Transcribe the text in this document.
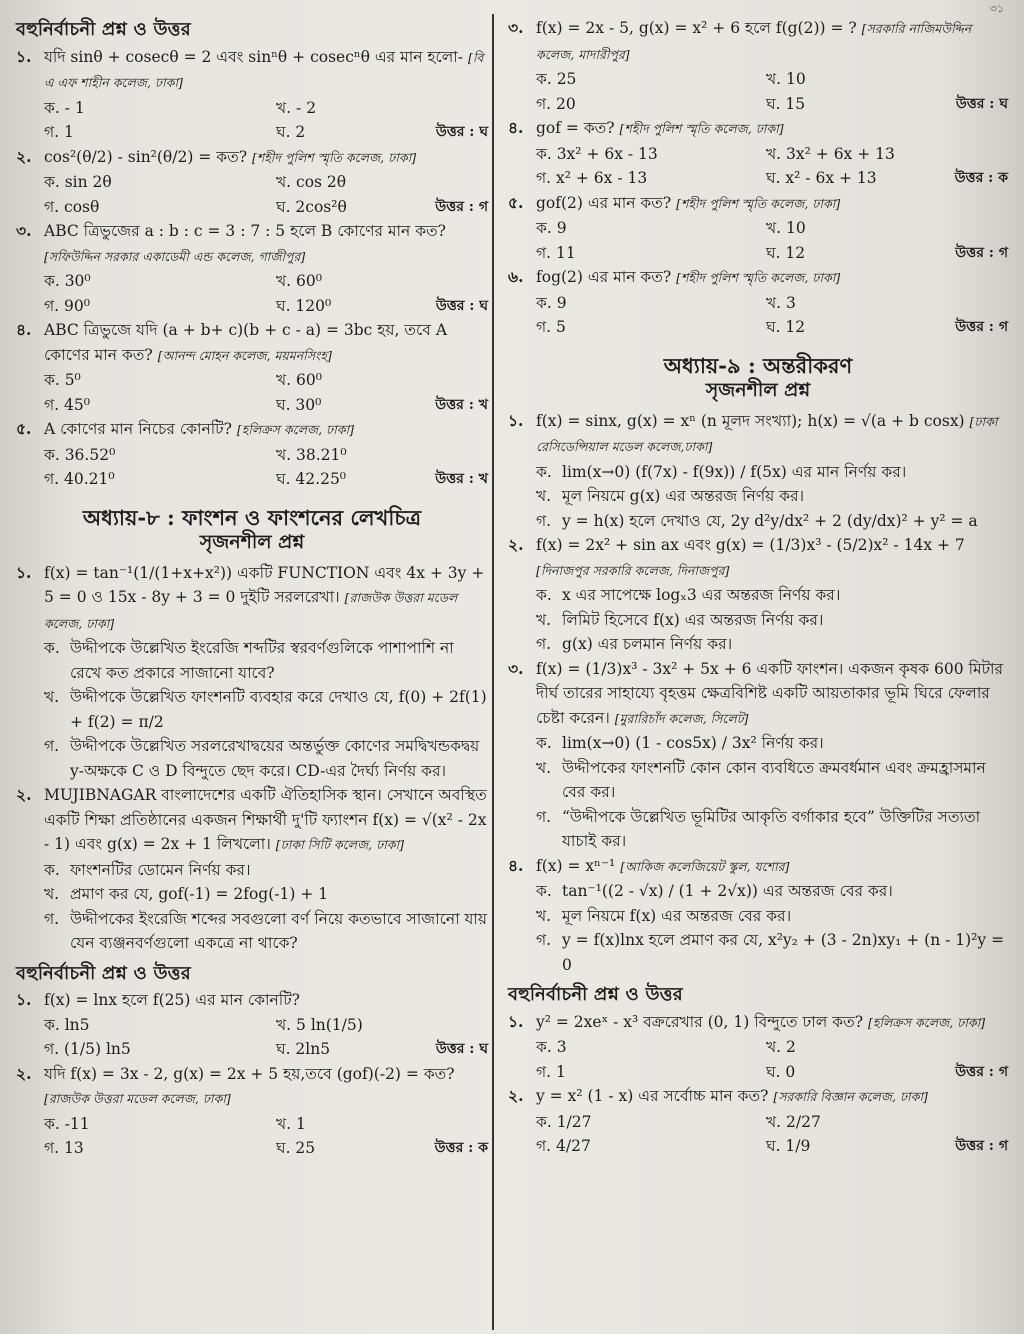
৩১
বহুনির্বাচনী প্রশ্ন ও উত্তর
১. যদি sinθ + cosecθ = 2 এবং sinⁿθ + cosecⁿθ এর মান হলো- [বি এ এফ শাহীন কলেজ, ঢাকা]
ক. - 1	খ. - 2
গ. 1	ঘ. 2	উত্তর : ঘ
২. cos²(θ/2) - sin²(θ/2) = কত? [শহীদ পুলিশ স্মৃতি কলেজ, ঢাকা]
ক. sin 2θ	খ. cos 2θ
গ. cosθ	ঘ. 2cos²θ	উত্তর : গ
৩. ABC ত্রিভুজের a : b : c = 3 : 7 : 5 হলে B কোণের মান কত? [সফিউদ্দিন সরকার একাডেমী এন্ড কলেজ, গাজীপুর]
ক. 30⁰	খ. 60⁰
গ. 90⁰	ঘ. 120⁰	উত্তর : ঘ
৪. ABC ত্রিভুজে যদি (a + b+ c)(b + c - a) = 3bc হয়, তবে A কোণের মান কত? [আনন্দ মোহন কলেজ, ময়মনসিংহ]
ক. 5⁰	খ. 60⁰
গ. 45⁰	ঘ. 30⁰	উত্তর : খ
৫. A কোণের মান নিচের কোনটি? [হলিক্রস কলেজ, ঢাকা]
ক. 36.52⁰	খ. 38.21⁰
গ. 40.21⁰	ঘ. 42.25⁰	উত্তর : খ
অধ্যায়-৮ : ফাংশন ও ফাংশনের লেখচিত্র
সৃজনশীল প্রশ্ন
১. f(x) = tan⁻¹(1/(1+x+x²)) একটি FUNCTION এবং 4x + 3y + 5 = 0 ও 15x - 8y + 3 = 0 দুইটি সরলরেখা। [রাজউক উত্তরা মডেল কলেজ, ঢাকা]
ক. উদ্দীপকে উল্লেখিত ইংরেজি শব্দটির স্বরবর্ণগুলিকে পাশাপাশি না রেখে কত প্রকারে সাজানো যাবে?
খ. উদ্দীপকে উল্লেখিত ফাংশনটি ব্যবহার করে দেখাও যে, f(0) + 2f(1) + f(2) = π/2
গ. উদ্দীপকে উল্লেখিত সরলরেখাদ্বয়ের অন্তর্ভুক্ত কোণের সমদ্বিখন্ডকদ্বয় y-অক্ষকে C ও D বিন্দুতে ছেদ করে। CD-এর দৈর্ঘ্য নির্ণয় কর।
২. MUJIBNAGAR বাংলাদেশের একটি ঐতিহাসিক স্থান। সেখানে অবস্থিত একটি শিক্ষা প্রতিষ্ঠানের একজন শিক্ষার্থী দু'টি ফ্যাংশন f(x) = √(x² - 2x - 1) এবং g(x) = 2x + 1 লিখলো। [ঢাকা সিটি কলেজ, ঢাকা]
ক. ফাংশনটির ডোমেন নির্ণয় কর।
খ. প্রমাণ কর যে, gof(-1) = 2fog(-1) + 1
গ. উদ্দীপকের ইংরেজি শব্দের সবগুলো বর্ণ নিয়ে কতভাবে সাজানো যায় যেন ব্যঞ্জনবর্ণগুলো একত্রে না থাকে?
বহুনির্বাচনী প্রশ্ন ও উত্তর
১. f(x) = lnx হলে f(25) এর মান কোনটি?
ক. ln5	খ. 5 ln(1/5)
গ. (1/5) ln5	ঘ. 2ln5	উত্তর : ঘ
২. যদি f(x) = 3x - 2, g(x) = 2x + 5 হয়,তবে (gof)(-2) = কত? [রাজউক উত্তরা মডেল কলেজ, ঢাকা]
ক. -11	খ. 1
গ. 13	ঘ. 25	উত্তর : ক
৩. f(x) = 2x - 5, g(x) = x² + 6 হলে f(g(2)) = ? [সরকারি নাজিমউদ্দিন কলেজ, মাদারীপুর]
ক. 25	খ. 10
গ. 20	ঘ. 15	উত্তর : ঘ
৪. gof = কত? [শহীদ পুলিশ স্মৃতি কলেজ, ঢাকা]
ক. 3x² + 6x - 13	খ. 3x² + 6x + 13
গ. x² + 6x - 13	ঘ. x² - 6x + 13	উত্তর : ক
৫. gof(2) এর মান কত? [শহীদ পুলিশ স্মৃতি কলেজ, ঢাকা]
ক. 9	খ. 10
গ. 11	ঘ. 12	উত্তর : গ
৬. fog(2) এর মান কত? [শহীদ পুলিশ স্মৃতি কলেজ, ঢাকা]
ক. 9	খ. 3
গ. 5	ঘ. 12	উত্তর : গ
অধ্যায়-৯ : অন্তরীকরণ
সৃজনশীল প্রশ্ন
১. f(x) = sinx, g(x) = xⁿ (n মূলদ সংখ্যা); h(x) = √(a + b cosx) [ঢাকা রেসিডেন্সিয়াল মডেল কলেজ,ঢাকা]
ক. lim(x→0) (f(7x) - f(9x)) / f(5x) এর মান নির্ণয় কর।
খ. মূল নিয়মে g(x) এর অন্তরজ নির্ণয় কর।
গ. y = h(x) হলে দেখাও যে, 2y d²y/dx² + 2 (dy/dx)² + y² = a
২. f(x) = 2x² + sin ax এবং g(x) = (1/3)x³ - (5/2)x² - 14x + 7 [দিনাজপুর সরকারি কলেজ, দিনাজপুর]
ক. x এর সাপেক্ষে logₓ3 এর অন্তরজ নির্ণয় কর।
খ. লিমিট হিসেবে f(x) এর অন্তরজ নির্ণয় কর।
গ. g(x) এর চলমান নির্ণয় কর।
৩. f(x) = (1/3)x³ - 3x² + 5x + 6 একটি ফাংশন। একজন কৃষক 600 মিটার দীর্ঘ তারের সাহায্যে বৃহত্তম ক্ষেত্রবিশিষ্ট একটি আয়তাকার ভূমি ঘিরে ফেলার চেষ্টা করেন। [মুরারিচাঁদ কলেজ, সিলেট]
ক. lim(x→0) (1 - cos5x) / 3x² নির্ণয় কর।
খ. উদ্দীপকের ফাংশনটি কোন কোন ব্যবধিতে ক্রমবর্ধমান এবং ক্রমহ্রাসমান বের কর।
গ. “উদ্দীপকে উল্লেখিত ভূমিটির আকৃতি বর্গাকার হবে” উক্তিটির সত্যতা যাচাই কর।
৪. f(x) = xⁿ⁻¹ [আকিজ কলেজিয়েট স্কুল, যশোর]
ক. tan⁻¹((2 - √x) / (1 + 2√x)) এর অন্তরজ বের কর।
খ. মূল নিয়মে f(x) এর অন্তরজ বের কর।
গ. y = f(x)lnx হলে প্রমাণ কর যে, x²y₂ + (3 - 2n)xy₁ + (n - 1)²y = 0
বহুনির্বাচনী প্রশ্ন ও উত্তর
১. y² = 2xeˣ - x³ বক্ররেখার (0, 1) বিন্দুতে ঢাল কত? [হলিক্রস কলেজ, ঢাকা]
ক. 3	খ. 2
গ. 1	ঘ. 0	উত্তর : গ
২. y = x² (1 - x) এর সর্বোচ্চ মান কত? [সরকারি বিজ্ঞান কলেজ, ঢাকা]
ক. 1/27	খ. 2/27
গ. 4/27	ঘ. 1/9	উত্তর : গ
